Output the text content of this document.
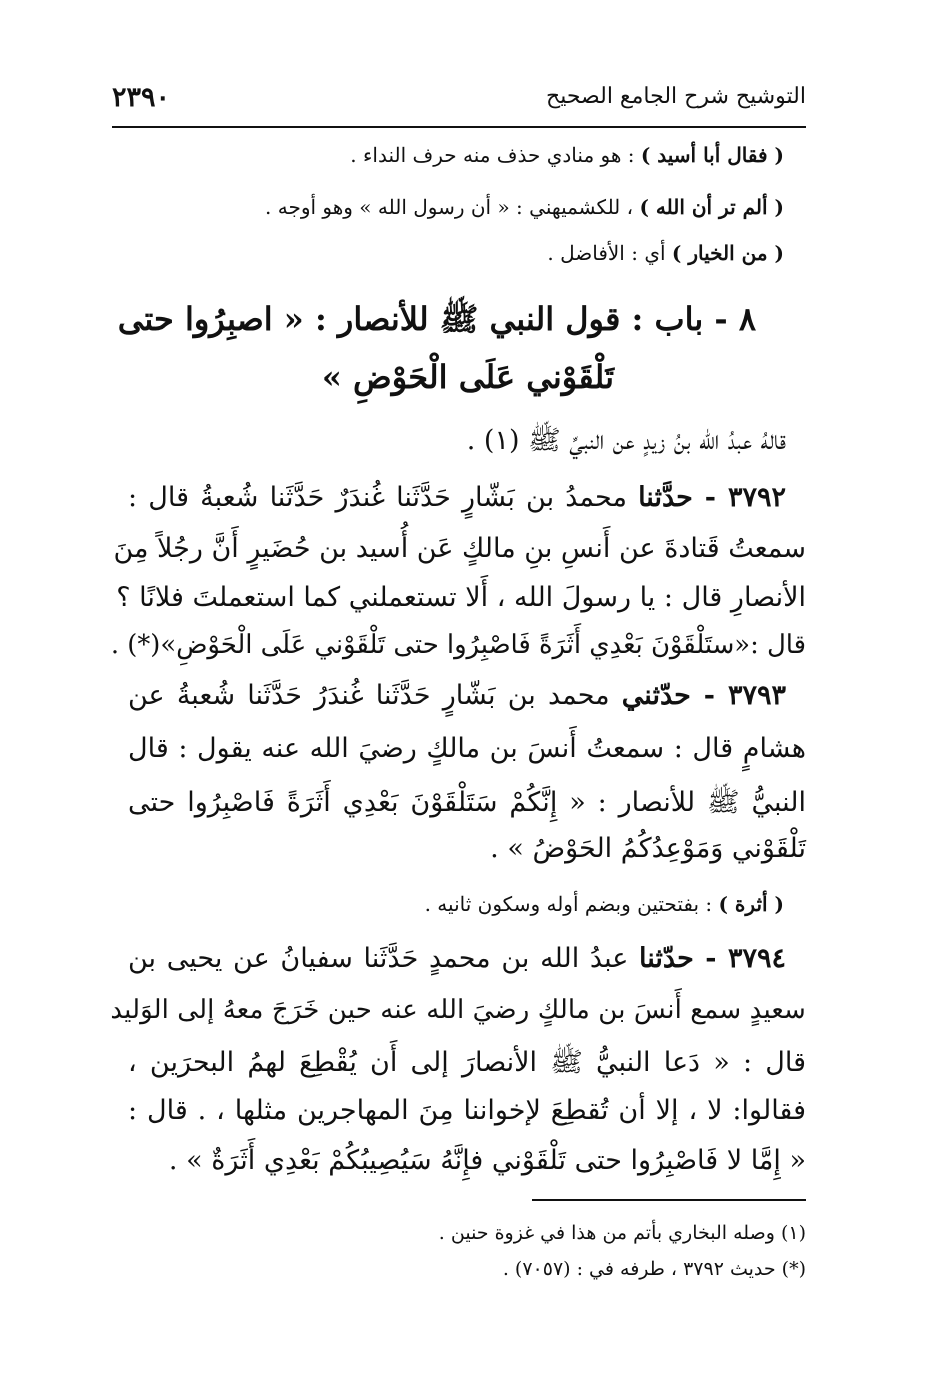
٢٣٩٠	التوشيح شرح الجامع الصحيح
( فقال أبا أسيد ) : هو منادي حذف منه حرف النداء .
( ألم تر أن الله ) ، للكشميهني : « أن رسول الله » وهو أوجه .
( من الخيار ) أي : الأفاضل .
٨ - باب : قول النبي ﷺ للأنصار : « اصبِرُوا حتى
تَلْقَوْني عَلَى الْحَوْضِ »
قالهُ عبدُ الله بنُ زيدٍ عن النبيِّ ﷺ (١) .
٣٧٩٢ - حدَّثنا محمدُ بن بَشّارٍ حَدَّثَنا غُندَرٌ حَدَّثَنا شُعبةُ قال :
سمعتُ قَتادةَ عن أَنسِ بنِ مالكٍ عَن أُسيد بن حُضَيرٍ أَنَّ رجُلاً مِنَ
الأنصارِ قال : يا رسولَ الله ، أَلا تستعملني كما استعملتَ فلانًا ؟
قال :«ستَلْقَوْنَ بَعْدِي أَثَرَةً فَاصْبِرُوا حتى تَلْقَوْني عَلَى الْحَوْضِ»(*) .
٣٧٩٣ - حدّثني محمد بن بَشّارٍ حَدَّثَنا غُندَرُ حَدَّثَنا شُعبةُ عن
هشامٍ قال : سمعتُ أَنسَ بن مالكٍ رضيَ الله عنه يقول : قال
النبيُّ ﷺ للأنصار : « إِنَّكُمْ سَتَلْقَوْنَ بَعْدِي أَثَرَةً فَاصْبِرُوا حتى
تَلْقَوْني وَمَوْعِدُكُمُ الحَوْضُ » .
( أثرة ) : بفتحتين وبضم أوله وسكون ثانيه .
٣٧٩٤ - حدّثنا عبدُ الله بن محمدٍ حَدَّثَنا سفيانُ عن يحيى بن
سعيدٍ سمع أَنسَ بن مالكٍ رضيَ الله عنه حين خَرَجَ معهُ إلى الوَليد
قال : « دَعا النبيُّ ﷺ الأنصارَ إلى أَن يُقْطِعَ لهمُ البحرَين ،
فقالوا: لا ، إلا أن تُقطِعَ لإخواننا مِنَ المهاجرين مثلها ، . قال :
« إِمَّا لا فَاصْبِرُوا حتى تَلْقَوْني فإِنَّهُ سَيُصِيبُكُمْ بَعْدِي أَثَرَةٌ » .
(١) وصله البخاري بأتم من هذا في غزوة حنين .
(*) حديث ٣٧٩٢ ، طرفه في : (٧٠٥٧) .
